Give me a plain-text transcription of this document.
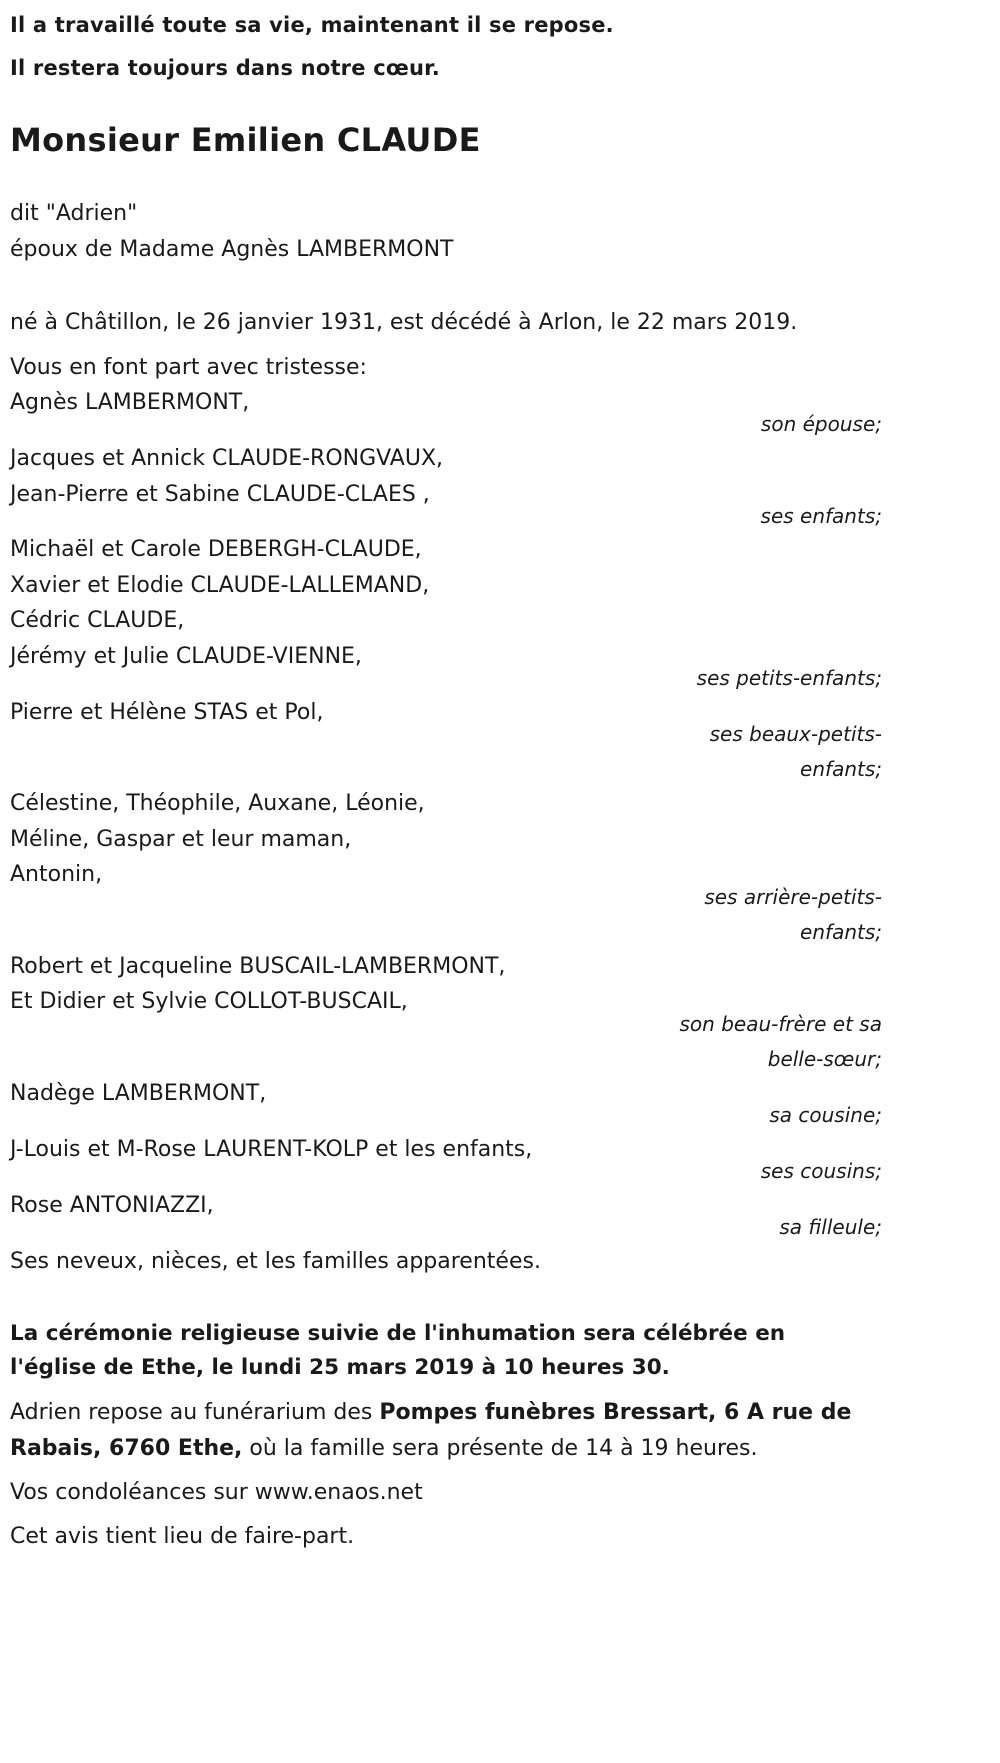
Il a travaillé toute sa vie, maintenant il se repose.
Il restera toujours dans notre cœur.
Monsieur Emilien CLAUDE
dit "Adrien"
époux de Madame Agnès LAMBERMONT
né à Châtillon, le 26 janvier 1931, est décédé à Arlon, le 22 mars 2019.
Vous en font part avec tristesse:
Agnès LAMBERMONT,
son épouse;
Jacques et Annick CLAUDE-RONGVAUX,
Jean-Pierre et Sabine CLAUDE-CLAES ,
ses enfants;
Michaël et Carole DEBERGH-CLAUDE,
Xavier et Elodie CLAUDE-LALLEMAND,
Cédric CLAUDE,
Jérémy et Julie CLAUDE-VIENNE,
ses petits-enfants;
Pierre et Hélène STAS et Pol,
ses beaux-petits-
enfants;
Célestine, Théophile, Auxane, Léonie,
Méline, Gaspar et leur maman,
Antonin,
ses arrière-petits-
enfants;
Robert et Jacqueline BUSCAIL-LAMBERMONT,
Et Didier et Sylvie COLLOT-BUSCAIL,
son beau-frère et sa
belle-sœur;
Nadège LAMBERMONT,
sa cousine;
J-Louis et M-Rose LAURENT-KOLP et les enfants,
ses cousins;
Rose ANTONIAZZI,
sa filleule;
Ses neveux, nièces, et les familles apparentées.
La cérémonie religieuse suivie de l'inhumation sera célébrée en
l'église de Ethe, le lundi 25 mars 2019 à 10 heures 30.
Adrien repose au funérarium des Pompes funèbres Bressart, 6 A rue de
Rabais, 6760 Ethe, où la famille sera présente de 14 à 19 heures.
Vos condoléances sur www.enaos.net
Cet avis tient lieu de faire-part.
